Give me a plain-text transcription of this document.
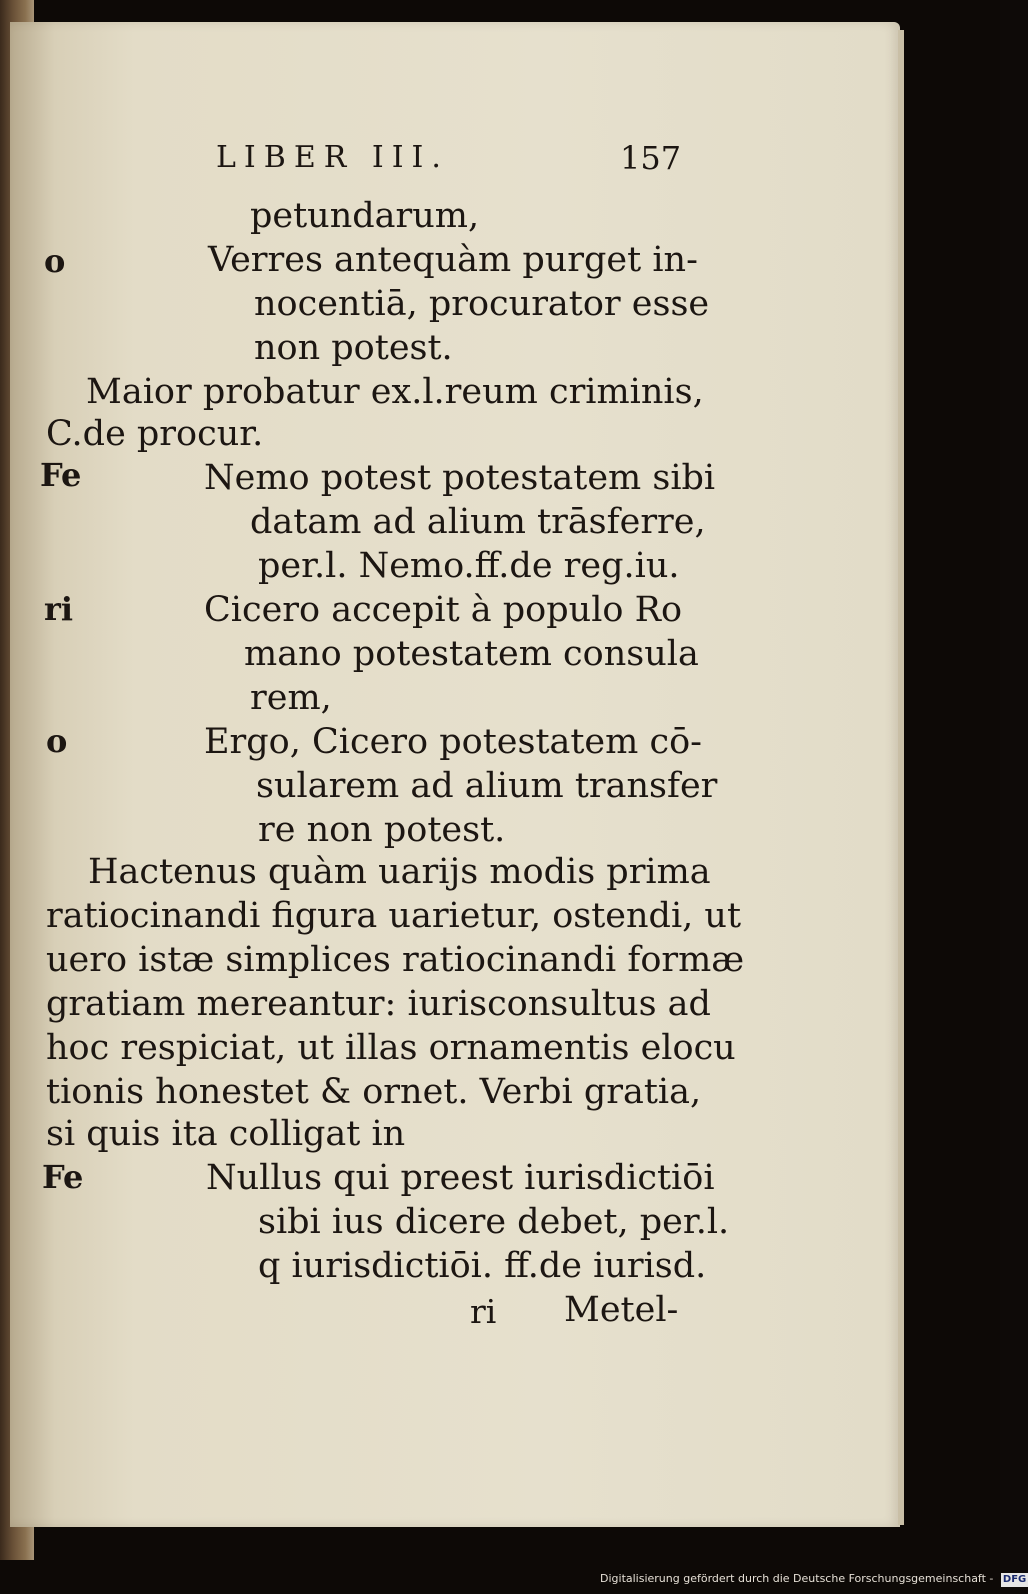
LIBER III.	157
o
Fe
ri
o
Fe
petundarum,
Verres antequàm purget in-
nocentiā, procurator esse
non potest.
Maior probatur ex.l.reum criminis,
C.de procur.
Nemo potest potestatem sibi
datam ad alium trāsferre,
per.l. Nemo.ff.de reg.iu.
Cicero accepit à populo Ro
mano potestatem consula
rem,
Ergo, Cicero potestatem cō-
sularem ad alium transfer
re non potest.
Hactenus quàm uarijs modis prima
ratiocinandi figura uarietur, ostendi, ut
uero istæ simplices ratiocinandi formæ
gratiam mereantur: iurisconsultus ad
hoc respiciat, ut illas ornamentis elocu
tionis honestet & ornet. Verbi gratia,
si quis ita colligat in
Nullus qui preest iurisdictiōi
sibi ius dicere debet, per.l.
q iurisdictiōi. ff.de iurisd.
ri Metel-
Digitalisierung gefördert durch die Deutsche Forschungsgemeinschaft - DFG
